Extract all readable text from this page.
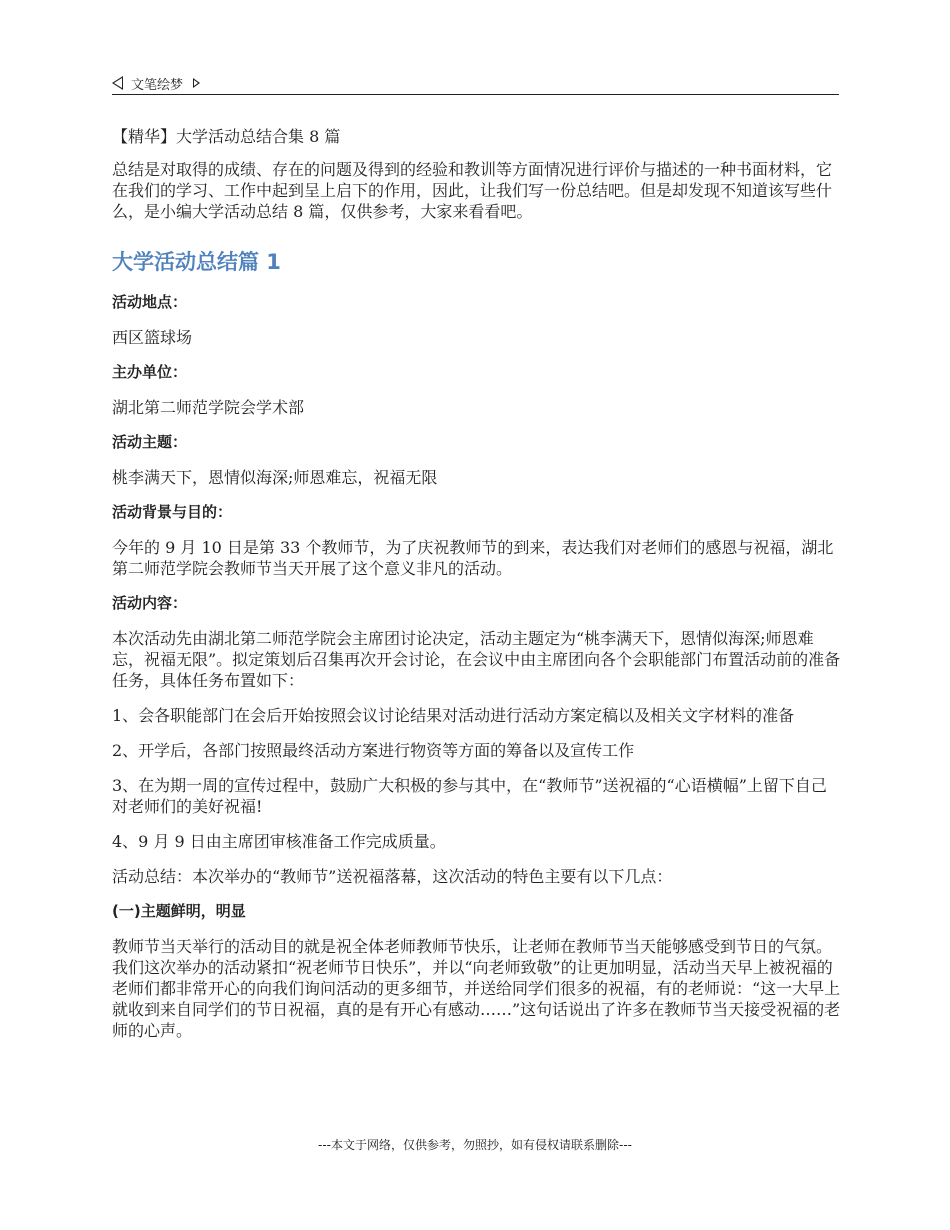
文笔绘梦

【精华】大学活动总结合集 8 篇

总结是对取得的成绩、存在的问题及得到的经验和教训等方面情况进行评价与描述的一种书面材料，它在我们的学习、工作中起到呈上启下的作用，因此，让我们写一份总结吧。但是却发现不知道该写些什么，是小编大学活动总结 8 篇，仅供参考，大家来看看吧。

大学活动总结篇 1

活动地点：

西区篮球场

主办单位：

湖北第二师范学院会学术部

活动主题：

桃李满天下，恩情似海深;师恩难忘，祝福无限

活动背景与目的：

今年的 9 月 10 日是第 33 个教师节，为了庆祝教师节的到来，表达我们对老师们的感恩与祝福，湖北第二师范学院会教师节当天开展了这个意义非凡的活动。

活动内容：

本次活动先由湖北第二师范学院会主席团讨论决定，活动主题定为“桃李满天下，恩情似海深;师恩难忘，祝福无限”。拟定策划后召集再次开会讨论，在会议中由主席团向各个会职能部门布置活动前的准备任务，具体任务布置如下：

1、会各职能部门在会后开始按照会议讨论结果对活动进行活动方案定稿以及相关文字材料的准备

2、开学后，各部门按照最终活动方案进行物资等方面的筹备以及宣传工作

3、在为期一周的宣传过程中，鼓励广大积极的参与其中，在“教师节”送祝福的“心语横幅”上留下自己对老师们的美好祝福!

4、9 月 9 日由主席团审核准备工作完成质量。

活动总结：本次举办的“教师节”送祝福落幕，这次活动的特色主要有以下几点：

(一)主题鲜明，明显

教师节当天举行的活动目的就是祝全体老师教师节快乐，让老师在教师节当天能够感受到节日的气氛。我们这次举办的活动紧扣“祝老师节日快乐”，并以“向老师致敬”的让更加明显，活动当天早上被祝福的老师们都非常开心的向我们询问活动的更多细节，并送给同学们很多的祝福，有的老师说：“这一大早上就收到来自同学们的节日祝福，真的是有开心有感动……”这句话说出了许多在教师节当天接受祝福的老师的心声。

---本文于网络，仅供参考，勿照抄，如有侵权请联系删除---
